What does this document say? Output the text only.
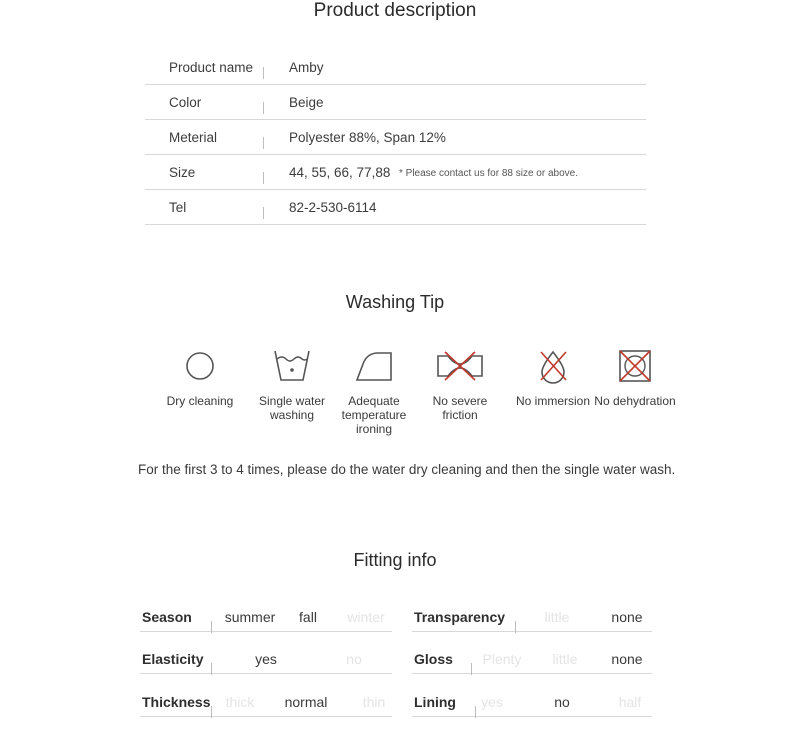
Product description
Product name	Amby
Color	Beige
Meterial	Polyester 88%, Span 12%
Size	44, 55, 66, 77,88 * Please contact us for 88 size or above.
Tel	82-2-530-6114
Washing Tip
Dry cleaning	Single water washing
Adequate temperature ironing
No severe friction
No immersion No dehydration
For the first 3 to 4 times, please do the water dry cleaning and then the single water wash.
Fitting info
Season	summer	fall	winter	Transparency	little	none
Elasticity	yes	no	Gloss	Plenty	little	none
Thickness	thick	normal	thin	Lining	yes	no	half
